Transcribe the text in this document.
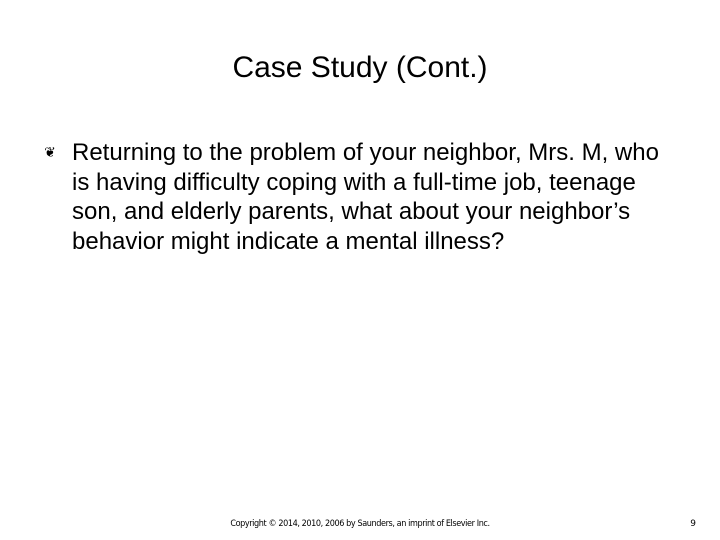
Case Study (Cont.)
❦ Returning to the problem of your neighbor, Mrs. M, who is having difficulty coping with a full-time job, teenage son, and elderly parents, what about your neighbor’s behavior might indicate a mental illness?
Copyright © 2014, 2010, 2006 by Saunders, an imprint of Elsevier Inc.	9
